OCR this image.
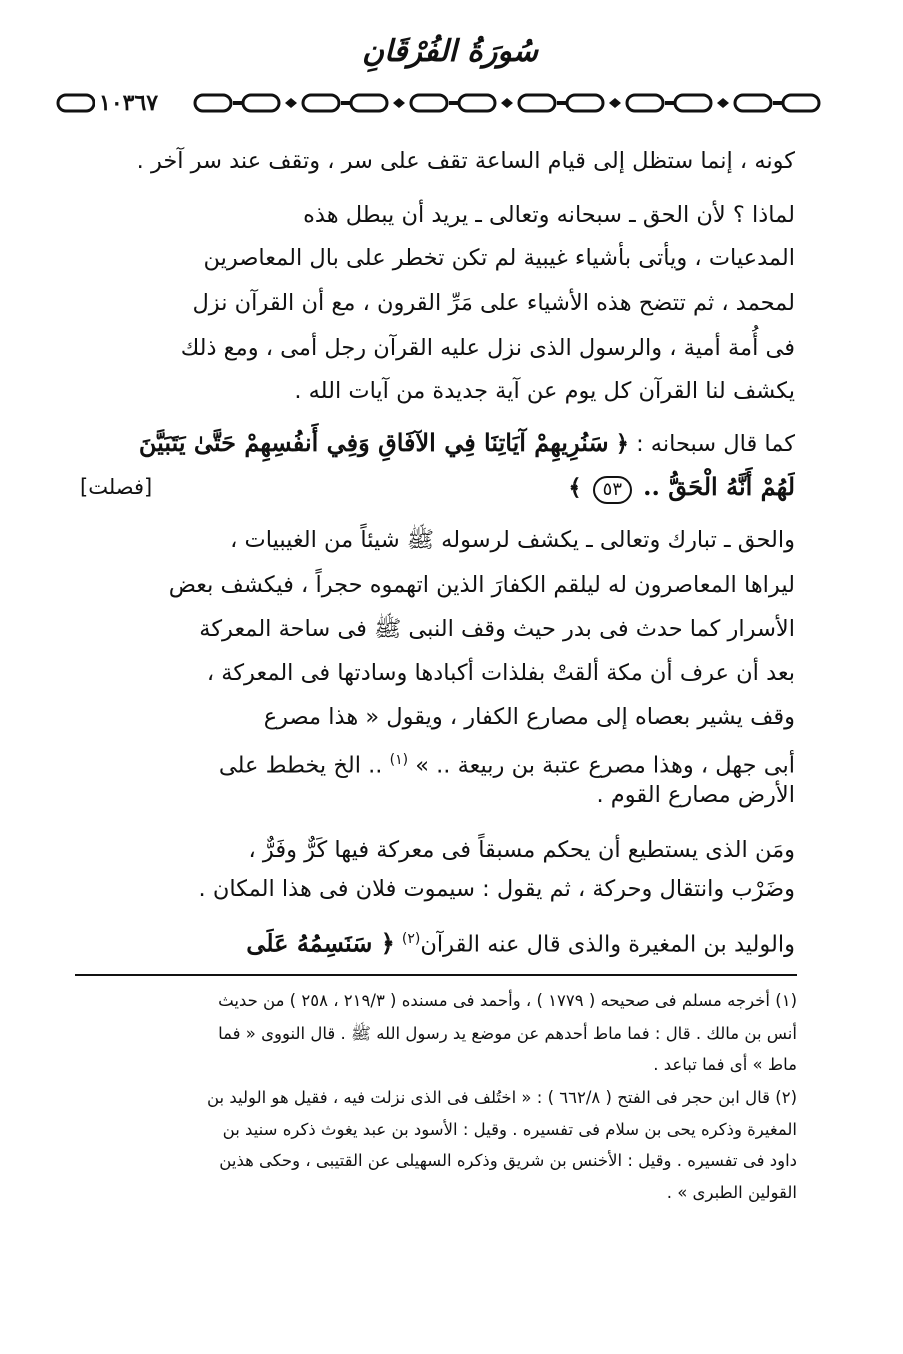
سُورَةُ الفُرْقَانِ
١٠٣٦٧
كونه ، إنما ستظل إلى قيام الساعة تقف على سر ، وتقف عند سر آخر .
لماذا ؟ لأن الحق ـ سبحانه وتعالى ـ يريد أن يبطل هذه
المدعيات ، ويأتى بأشياء غيبية لم تكن تخطر على بال المعاصرين
لمحمد ، ثم تتضح هذه الأشياء على مَرِّ القرون ، مع أن القرآن نزل
فى أُمة أمية ، والرسول الذى نزل عليه القرآن رجل أمى ، ومع ذلك
يكشف لنا القرآن كل يوم عن آية جديدة من آيات الله .
كما قال سبحانه : ﴿ سَنُرِيهِمْ آيَاتِنَا فِي الآفَاقِ وَفِي أَنفُسِهِمْ حَتَّىٰ يَتَبَيَّنَ
لَهُمْ أَنَّهُ الْحَقُّ .. ٥٣ ﴾
[فصلت]
والحق ـ تبارك وتعالى ـ يكشف لرسوله ﷺ شيئاً من الغيبيات ،
ليراها المعاصرون له ليلقم الكفارَ الذين اتهموه حجراً ، فيكشف بعض
الأسرار كما حدث فى بدر حيث وقف النبى ﷺ فى ساحة المعركة
بعد أن عرف أن مكة ألقتْ بفلذات أكبادها وسادتها فى المعركة ،
وقف يشير بعصاه إلى مصارع الكفار ، ويقول « هذا مصرع
أبى جهل ، وهذا مصرع عتبة بن ربيعة .. » $^{(١)}$ .. الخ يخطط على
الأرض مصارع القوم .
ومَن الذى يستطيع أن يحكم مسبقاً فى معركة فيها كَرٌّ وفَرٌّ ،
وضَرْب وانتقال وحركة ، ثم يقول : سيموت فلان فى هذا المكان .
والوليد بن المغيرة والذى قال عنه القرآن$^{(٢)}$ ﴿ سَنَسِمُهُ عَلَى
(١) أخرجه مسلم فى صحيحه ( ١٧٧٩ ) ، وأحمد فى مسنده ( ٢١٩/٣ ، ٢٥٨ ) من حديث
أنس بن مالك . قال : فما ماط أحدهم عن موضع يد رسول الله ﷺ . قال النووى « فما
ماط » أى فما تباعد .
(٢) قال ابن حجر فى الفتح ( ٦٦٢/٨ ) : « اختُلف فى الذى نزلت فيه ، فقيل هو الوليد بن
المغيرة وذكره يحى بن سلام فى تفسيره . وقيل : الأسود بن عبد يغوث ذكره سنيد بن
داود فى تفسيره . وقيل : الأخنس بن شريق وذكره السهيلى عن القتيبى ، وحكى هذين
القولين الطبرى » .
